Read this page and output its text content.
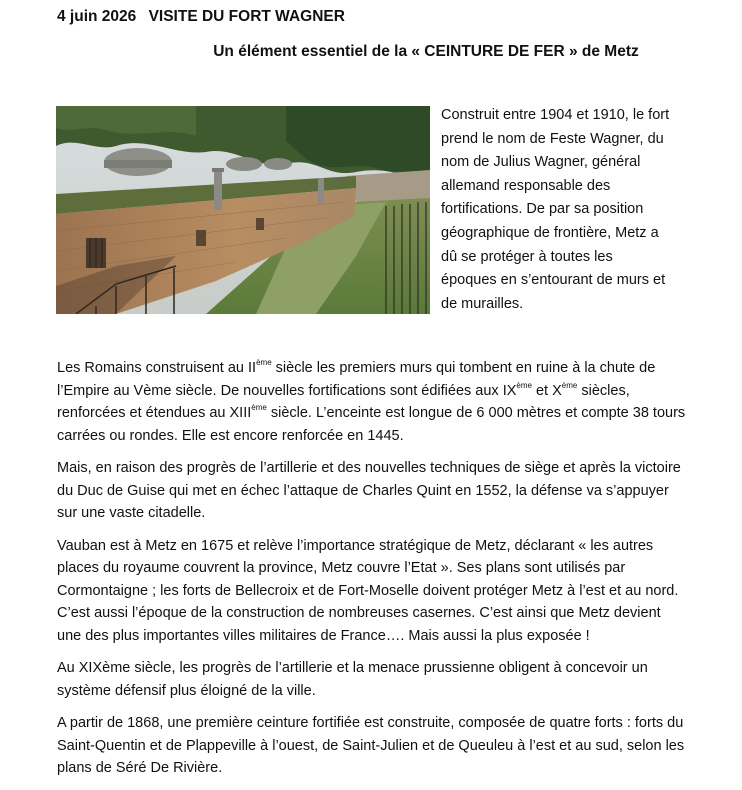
4 juin 2026 VISITE DU FORT WAGNER
Un élément essentiel de la « CEINTURE DE FER » de Metz

Construit entre 1904 et 1910, le fort prend le nom de Feste Wagner, du nom de Julius Wagner, général allemand responsable des fortifications. De par sa position géographique de frontière, Metz a dû se protéger à toutes les époques en s’entourant de murs et de murailles.

Les Romains construisent au IIème siècle les premiers murs qui tombent en ruine à la chute de l’Empire au Vème siècle. De nouvelles fortifications sont édifiées aux IXème et Xème siècles, renforcées et étendues au XIIIème siècle. L’enceinte est longue de 6 000 mètres et compte 38 tours carrées ou rondes. Elle est encore renforcée en 1445.

Mais, en raison des progrès de l’artillerie et des nouvelles techniques de siège et après la victoire du Duc de Guise qui met en échec l’attaque de Charles Quint en 1552, la défense va s’appuyer sur une vaste citadelle.

Vauban est à Metz en 1675 et relève l’importance stratégique de Metz, déclarant « les autres places du royaume couvrent la province, Metz couvre l’Etat ». Ses plans sont utilisés par Cormontaigne ; les forts de Bellecroix et de Fort-Moselle doivent protéger Metz à l’est et au nord. C’est aussi l’époque de la construction de nombreuses casernes. C’est ainsi que Metz devient une des plus importantes villes militaires de France…. Mais aussi la plus exposée !

Au XIXème siècle, les progrès de l’artillerie et la menace prussienne obligent à concevoir un système défensif plus éloigné de la ville.

A partir de 1868, une première ceinture fortifiée est construite, composée de quatre forts : forts du Saint-Quentin et de Plappeville à l’ouest, de Saint-Julien et de Queuleu à l’est et au sud, selon les plans de Séré De Rivière.
